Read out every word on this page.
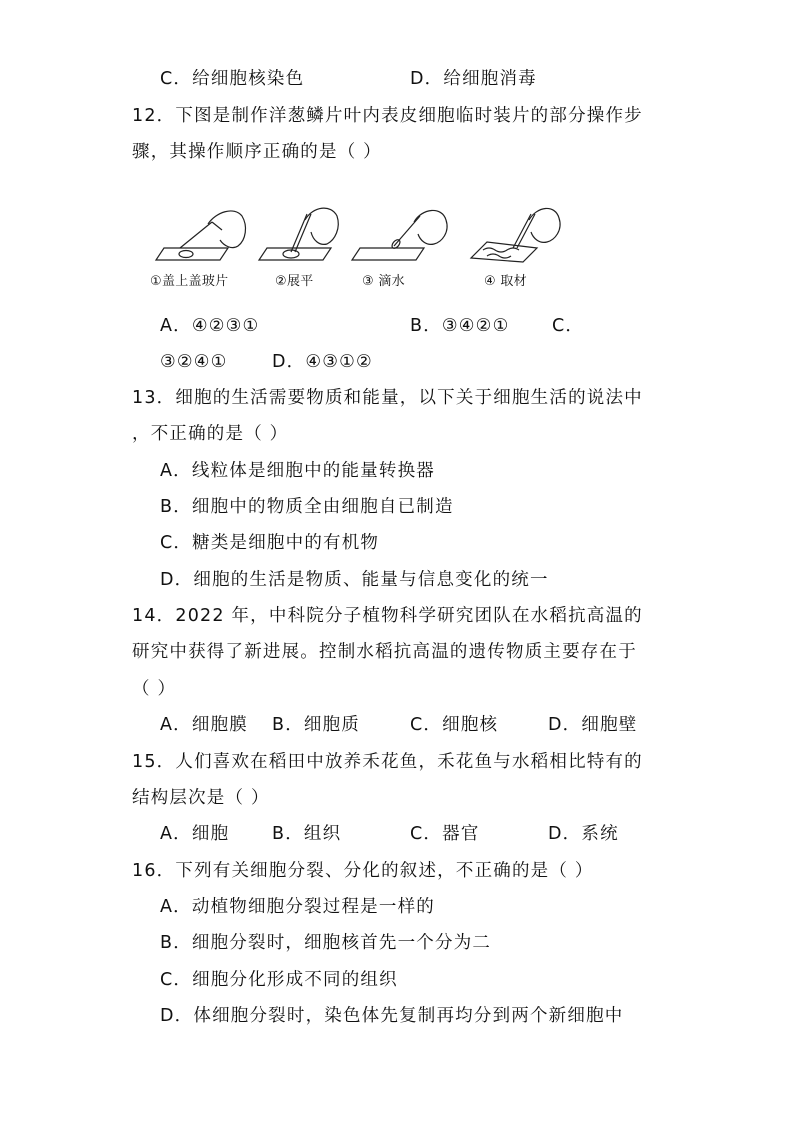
C．给细胞核染色	D．给细胞消毒
12．下图是制作洋葱鳞片叶内表皮细胞临时装片的部分操作步
骤，其操作顺序正确的是（ ）
①盖上盖玻片	②展平	③ 滴水	④ 取材
A．④②③①	B．③④②① C．
③②④①	D．④③①②
13．细胞的生活需要物质和能量，以下关于细胞生活的说法中
，不正确的是（ ）
A．线粒体是细胞中的能量转换器
B．细胞中的物质全由细胞自已制造
C．糖类是细胞中的有机物
D．细胞的生活是物质、能量与信息变化的统一
14．2022 年，中科院分子植物科学研究团队在水稻抗高温的
研究中获得了新进展。控制水稻抗高温的遗传物质主要存在于
（ ）
A．细胞膜 B．细胞质	C．细胞核	D．细胞壁
15．人们喜欢在稻田中放养禾花鱼，禾花鱼与水稻相比特有的
结构层次是（ ）
A．细胞 B．组织	C．器官	D．系统
16．下列有关细胞分裂、分化的叙述，不正确的是（ ）
A．动植物细胞分裂过程是一样的
B．细胞分裂时，细胞核首先一个分为二
C．细胞分化形成不同的组织
D．体细胞分裂时，染色体先复制再均分到两个新细胞中
